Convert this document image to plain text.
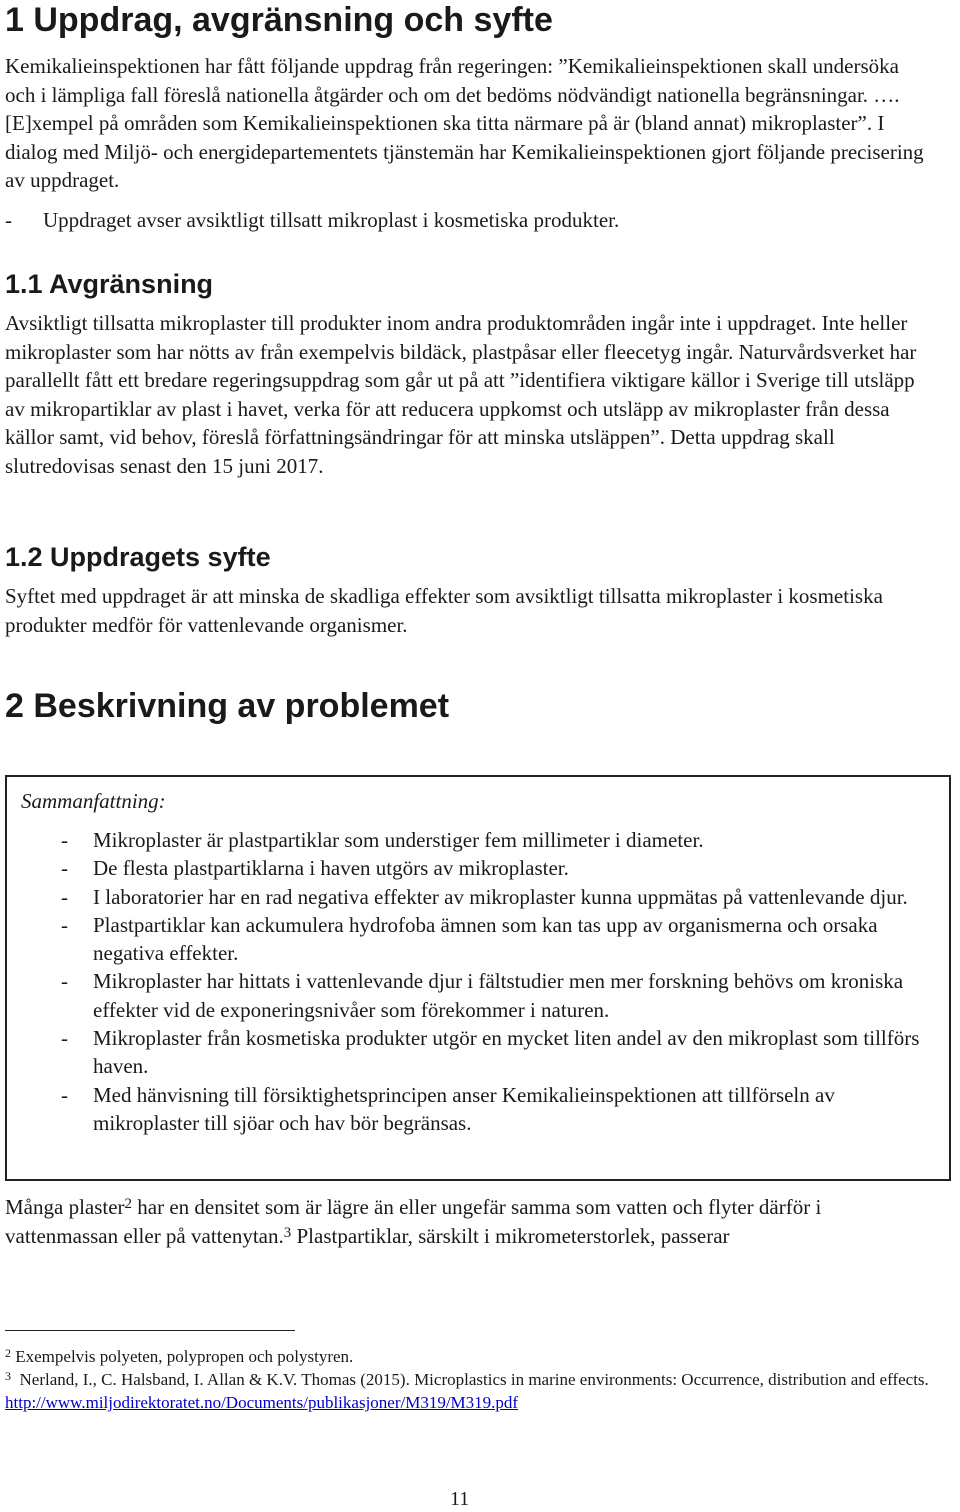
1 Uppdrag, avgränsning och syfte
Kemikalieinspektionen har fått följande uppdrag från regeringen: ”Kemikalieinspektionen skall undersöka och i lämpliga fall föreslå nationella åtgärder och om det bedöms nödvändigt nationella begränsningar. …. [E]xempel på områden som Kemikalieinspektionen ska titta närmare på är (bland annat) mikroplaster”. I dialog med Miljö- och energidepartementets tjänstemän har Kemikalieinspektionen gjort följande precisering av uppdraget.
- Uppdraget avser avsiktligt tillsatt mikroplast i kosmetiska produkter.
1.1 Avgränsning
Avsiktligt tillsatta mikroplaster till produkter inom andra produktområden ingår inte i uppdraget. Inte heller mikroplaster som har nötts av från exempelvis bildäck, plastpåsar eller fleecetyg ingår. Naturvårdsverket har parallellt fått ett bredare regeringsuppdrag som går ut på att ”identifiera viktigare källor i Sverige till utsläpp av mikropartiklar av plast i havet, verka för att reducera uppkomst och utsläpp av mikroplaster från dessa källor samt, vid behov, föreslå författningsändringar för att minska utsläppen”. Detta uppdrag skall slutredovisas senast den 15 juni 2017.
1.2 Uppdragets syfte
Syftet med uppdraget är att minska de skadliga effekter som avsiktligt tillsatta mikroplaster i kosmetiska produkter medför för vattenlevande organismer.
2 Beskrivning av problemet
Sammanfattning:
-	Mikroplaster är plastpartiklar som understiger fem millimeter i diameter.
-	De flesta plastpartiklarna i haven utgörs av mikroplaster.
-	I laboratorier har en rad negativa effekter av mikroplaster kunna uppmätas på vattenlevande djur.
-	Plastpartiklar kan ackumulera hydrofoba ämnen som kan tas upp av organismerna och orsaka negativa effekter.
-	Mikroplaster har hittats i vattenlevande djur i fältstudier men mer forskning behövs om kroniska effekter vid de exponeringsnivåer som förekommer i naturen.
-	Mikroplaster från kosmetiska produkter utgör en mycket liten andel av den mikroplast som tillförs haven.
-	Med hänvisning till försiktighetsprincipen anser Kemikalieinspektionen att tillförseln av mikroplaster till sjöar och hav bör begränsas.
Många plaster$^2$ har en densitet som är lägre än eller ungefär samma som vatten och flyter därför i vattenmassan eller på vattenytan.$^3$ Plastpartiklar, särskilt i mikrometerstorlek, passerar
$^2$ Exempelvis polyeten, polypropen och polystyren.
$^3$ Nerland, I., C. Halsband, I. Allan & K.V. Thomas (2015). Microplastics in marine environments: Occurrence, distribution and effects. http://www.miljodirektoratet.no/Documents/publikasjoner/M319/M319.pdf
11
